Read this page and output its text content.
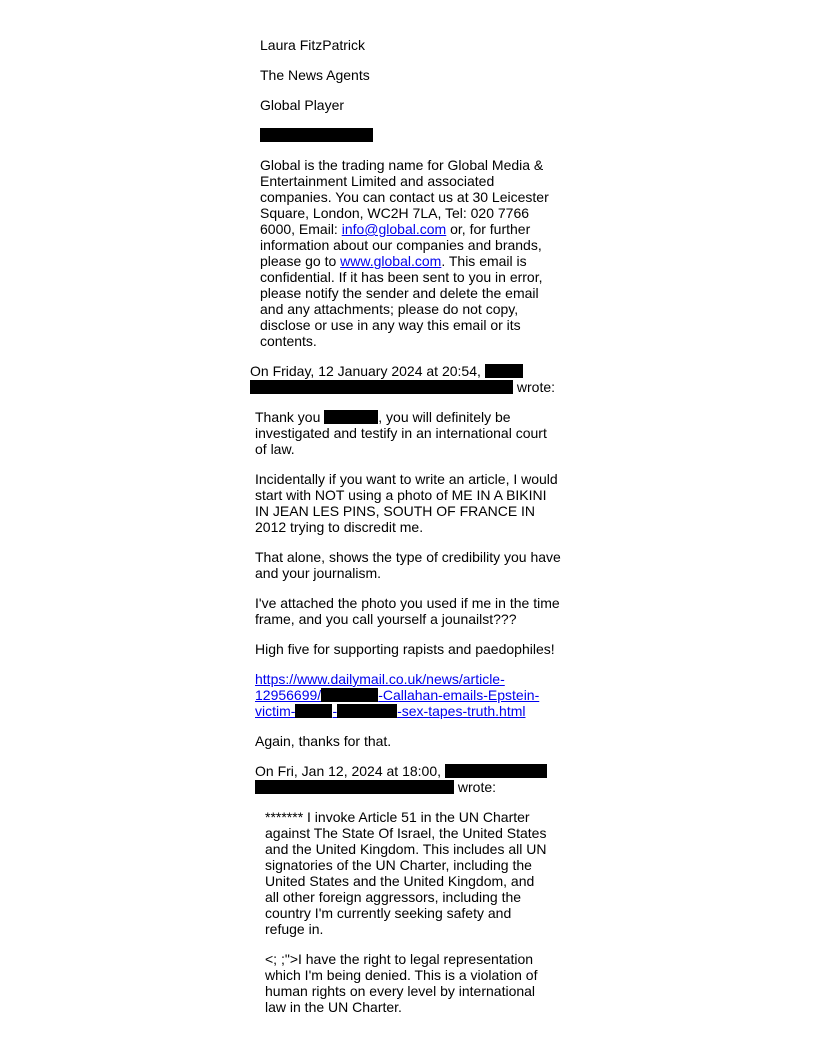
Laura FitzPatrick
The News Agents
Global Player
Global is the trading name for Global Media &
Entertainment Limited and associated
companies. You can contact us at 30 Leicester
Square, London, WC2H 7LA, Tel: 020 7766
6000, Email: info@global.com or, for further
information about our companies and brands,
please go to www.global.com. This email is
confidential. If it has been sent to you in error,
please notify the sender and delete the email
and any attachments; please do not copy,
disclose or use in any way this email or its
contents.
On Friday, 12 January 2024 at 20:54,
wrote:
Thank you	, you will definitely be
investigated and testify in an international court
of law.
Incidentally if you want to write an article, I would
start with NOT using a photo of ME IN A BIKINI
IN JEAN LES PINS, SOUTH OF FRANCE IN
2012 trying to discredit me.
That alone, shows the type of credibility you have
and your journalism.
I've attached the photo you used if me in the time
frame, and you call yourself a jounailst???
High five for supporting rapists and paedophiles!
https://www.dailymail.co.uk/news/article-
12956699/	-Callahan-emails-Epstein-
victim-	-	-sex-tapes-truth.html
Again, thanks for that.
On Fri, Jan 12, 2024 at 18:00,
wrote:
******* I invoke Article 51 in the UN Charter
against The State Of Israel, the United States
and the United Kingdom. This includes all UN
signatories of the UN Charter, including the
United States and the United Kingdom, and
all other foreign aggressors, including the
country I'm currently seeking safety and
refuge in.
<; ;">I have the right to legal representation
which I'm being denied. This is a violation of
human rights on every level by international
law in the UN Charter.
